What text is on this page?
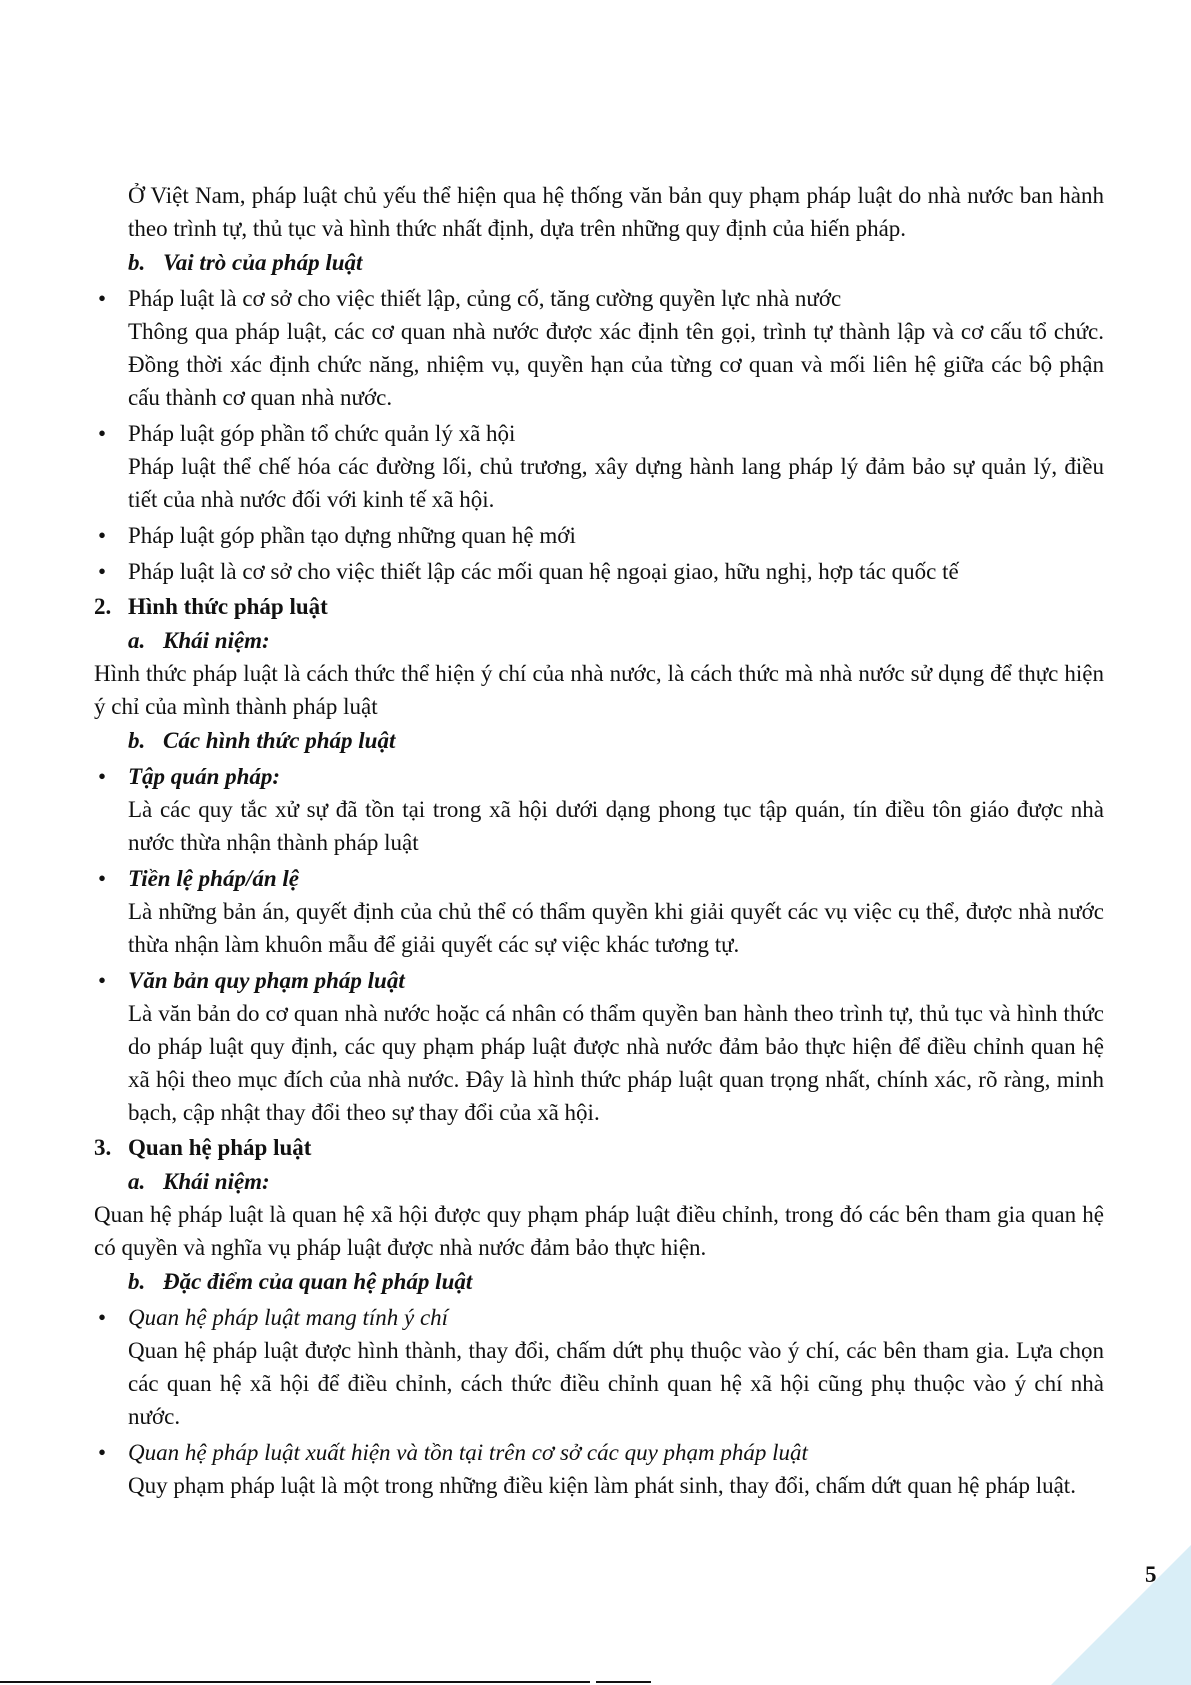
Ở Việt Nam, pháp luật chủ yếu thể hiện qua hệ thống văn bản quy phạm pháp luật do nhà nước ban hành theo trình tự, thủ tục và hình thức nhất định, dựa trên những quy định của hiến pháp.

b. Vai trò của pháp luật

• Pháp luật là cơ sở cho việc thiết lập, củng cố, tăng cường quyền lực nhà nước

Thông qua pháp luật, các cơ quan nhà nước được xác định tên gọi, trình tự thành lập và cơ cấu tổ chức. Đồng thời xác định chức năng, nhiệm vụ, quyền hạn của từng cơ quan và mối liên hệ giữa các bộ phận cấu thành cơ quan nhà nước.

• Pháp luật góp phần tổ chức quản lý xã hội

Pháp luật thể chế hóa các đường lối, chủ trương, xây dựng hành lang pháp lý đảm bảo sự quản lý, điều tiết của nhà nước đối với kinh tế xã hội.

• Pháp luật góp phần tạo dựng những quan hệ mới

• Pháp luật là cơ sở cho việc thiết lập các mối quan hệ ngoại giao, hữu nghị, hợp tác quốc tế

2. Hình thức pháp luật

a. Khái niệm:

Hình thức pháp luật là cách thức thể hiện ý chí của nhà nước, là cách thức mà nhà nước sử dụng để thực hiện ý chỉ của mình thành pháp luật

b. Các hình thức pháp luật

• Tập quán pháp:

Là các quy tắc xử sự đã tồn tại trong xã hội dưới dạng phong tục tập quán, tín điều tôn giáo được nhà nước thừa nhận thành pháp luật

• Tiền lệ pháp/án lệ

Là những bản án, quyết định của chủ thể có thẩm quyền khi giải quyết các vụ việc cụ thể, được nhà nước thừa nhận làm khuôn mẫu để giải quyết các sự việc khác tương tự.

• Văn bản quy phạm pháp luật

Là văn bản do cơ quan nhà nước hoặc cá nhân có thẩm quyền ban hành theo trình tự, thủ tục và hình thức do pháp luật quy định, các quy phạm pháp luật được nhà nước đảm bảo thực hiện để điều chỉnh quan hệ xã hội theo mục đích của nhà nước. Đây là hình thức pháp luật quan trọng nhất, chính xác, rõ ràng, minh bạch, cập nhật thay đổi theo sự thay đổi của xã hội.

3. Quan hệ pháp luật

a. Khái niệm:

Quan hệ pháp luật là quan hệ xã hội được quy phạm pháp luật điều chỉnh, trong đó các bên tham gia quan hệ có quyền và nghĩa vụ pháp luật được nhà nước đảm bảo thực hiện.

b. Đặc điểm của quan hệ pháp luật

• Quan hệ pháp luật mang tính ý chí

Quan hệ pháp luật được hình thành, thay đổi, chấm dứt phụ thuộc vào ý chí, các bên tham gia. Lựa chọn các quan hệ xã hội để điều chỉnh, cách thức điều chỉnh quan hệ xã hội cũng phụ thuộc vào ý chí nhà nước.

• Quan hệ pháp luật xuất hiện và tồn tại trên cơ sở các quy phạm pháp luật

Quy phạm pháp luật là một trong những điều kiện làm phát sinh, thay đổi, chấm dứt quan hệ pháp luật.

5
